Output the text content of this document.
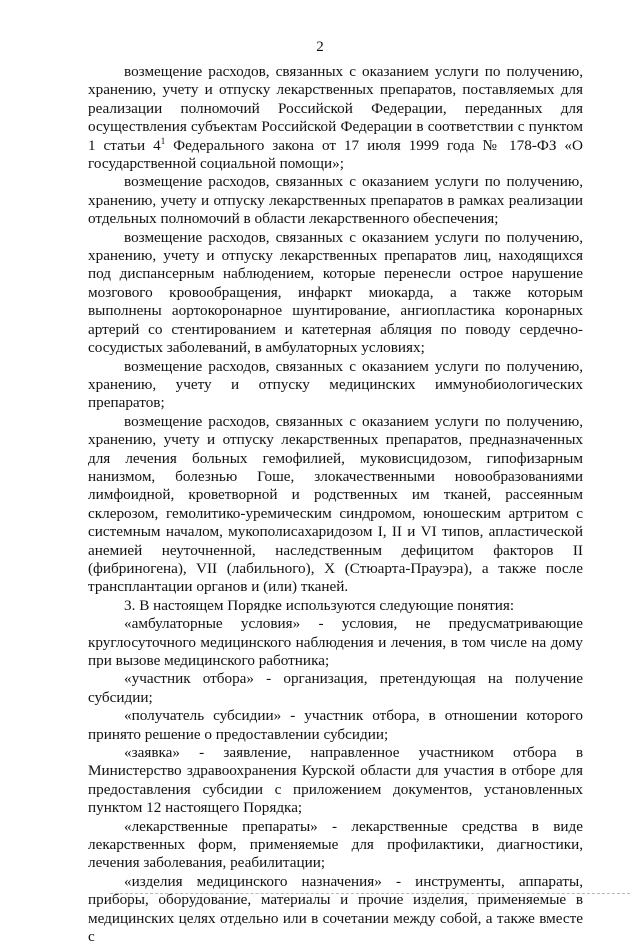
2

возмещение расходов, связанных с оказанием услуги по получению, хранению, учету и отпуску лекарственных препаратов, поставляемых для реализации полномочий Российской Федерации, переданных для осуществления субъектам Российской Федерации в соответствии с пунктом 1 статьи $4^1$ Федерального закона от 17 июля 1999 года № 178-ФЗ «О государственной социальной помощи»;

возмещение расходов, связанных с оказанием услуги по получению, хранению, учету и отпуску лекарственных препаратов в рамках реализации отдельных полномочий в области лекарственного обеспечения;

возмещение расходов, связанных с оказанием услуги по получению, хранению, учету и отпуску лекарственных препаратов лиц, находящихся под диспансерным наблюдением, которые перенесли острое нарушение мозгового кровообращения, инфаркт миокарда, а также которым выполнены аортокоронарное шунтирование, ангиопластика коронарных артерий со стентированием и катетерная абляция по поводу сердечно-сосудистых заболеваний, в амбулаторных условиях;

возмещение расходов, связанных с оказанием услуги по получению, хранению, учету и отпуску медицинских иммунобиологических препаратов;

возмещение расходов, связанных с оказанием услуги по получению, хранению, учету и отпуску лекарственных препаратов, предназначенных для лечения больных гемофилией, муковисцидозом, гипофизарным нанизмом, болезнью Гоше, злокачественными новообразованиями лимфоидной, кроветворной и родственных им тканей, рассеянным склерозом, гемолитико-уремическим синдромом, юношеским артритом с системным началом, мукополисахаридозом I, II и VI типов, апластической анемией неуточненной, наследственным дефицитом факторов II (фибриногена), VII (лабильного), X (Стюарта-Прауэра), а также после трансплантации органов и (или) тканей.

3. В настоящем Порядке используются следующие понятия:

«амбулаторные условия» - условия, не предусматривающие круглосуточного медицинского наблюдения и лечения, в том числе на дому при вызове медицинского работника;

«участник отбора» - организация, претендующая на получение субсидии;

«получатель субсидии» - участник отбора, в отношении которого принято решение о предоставлении субсидии;

«заявка» - заявление, направленное участником отбора в Министерство здравоохранения Курской области для участия в отборе для предоставления субсидии с приложением документов, установленных пунктом 12 настоящего Порядка;

«лекарственные препараты» - лекарственные средства в виде лекарственных форм, применяемые для профилактики, диагностики, лечения заболевания, реабилитации;

«изделия медицинского назначения» - инструменты, аппараты, приборы, оборудование, материалы и прочие изделия, применяемые в медицинских целях отдельно или в сочетании между собой, а также вместе с
